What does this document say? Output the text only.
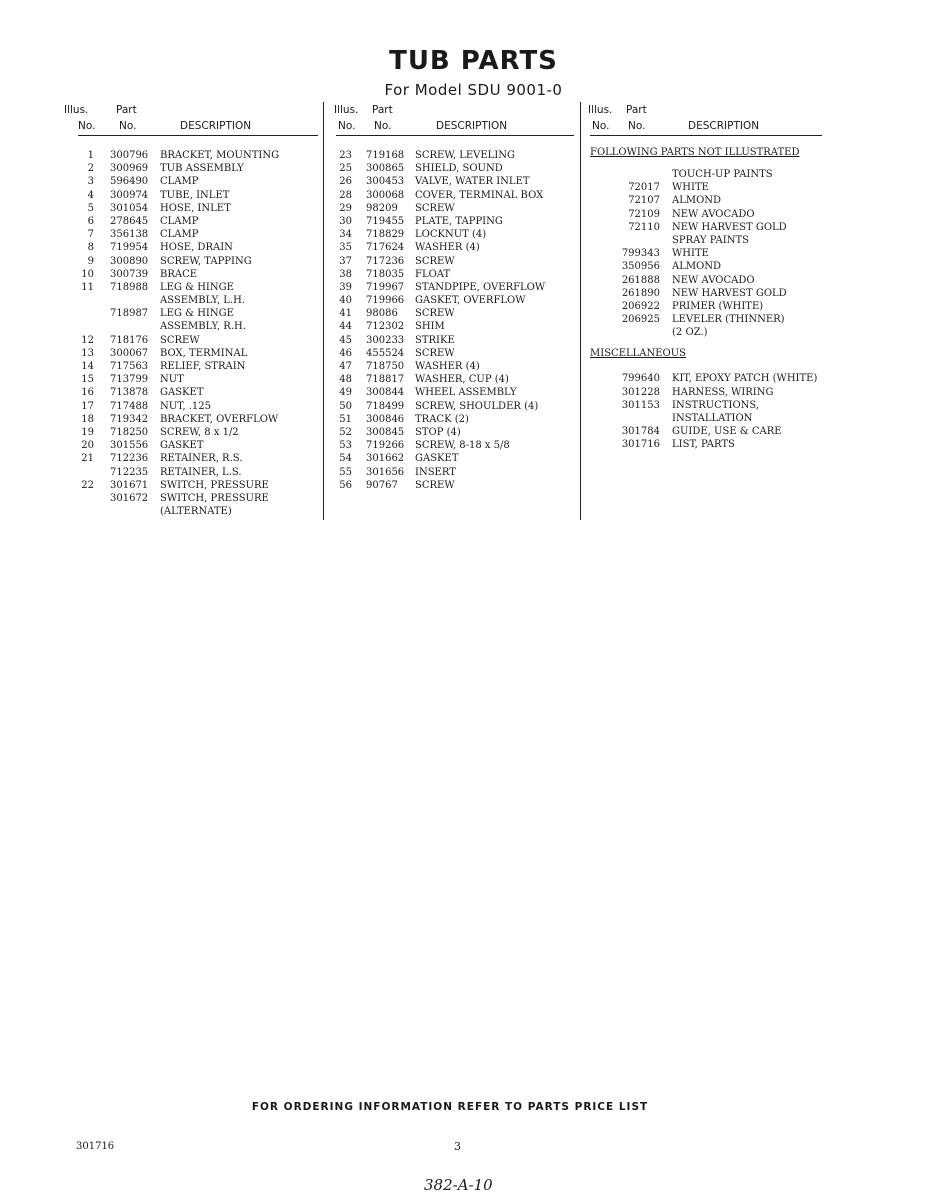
TUB PARTS
For Model SDU 9001-0
Illus.	Part
No. No.	DESCRIPTION
1 300796 BRACKET, MOUNTING
2 300969 TUB ASSEMBLY
3 596490 CLAMP
4 300974 TUBE, INLET
5 301054 HOSE, INLET
6 278645 CLAMP
7 356138 CLAMP
8 719954 HOSE, DRAIN
9 300890 SCREW, TAPPING
10 300739 BRACE
11 718988 LEG & HINGE
ASSEMBLY, L.H.
718987 LEG & HINGE
ASSEMBLY, R.H.
12 718176 SCREW
13 300067 BOX, TERMINAL
14 717563 RELIEF, STRAIN
15 713799 NUT
16 713878 GASKET
17 717488 NUT, .125
18 719342 BRACKET, OVERFLOW
19 718250 SCREW, 8 x 1/2
20 301556 GASKET
21 712236 RETAINER, R.S.
712235 RETAINER, L.S.
22 301671 SWITCH, PRESSURE
301672 SWITCH, PRESSURE
(ALTERNATE)
Illus. Part
No. No.	DESCRIPTION
23 719168 SCREW, LEVELING
25 300865 SHIELD, SOUND
26 300453 VALVE, WATER INLET
28 300068 COVER, TERMINAL BOX
29 98209 SCREW
30 719455 PLATE, TAPPING
34 718829 LOCKNUT (4)
35 717624 WASHER (4)
37 717236 SCREW
38 718035 FLOAT
39 719967 STANDPIPE, OVERFLOW
40 719966 GASKET, OVERFLOW
41 98086 SCREW
44 712302 SHIM
45 300233 STRIKE
46 455524 SCREW
47 718750 WASHER (4)
48 718817 WASHER, CUP (4)
49 300844 WHEEL ASSEMBLY
50 718499 SCREW, SHOULDER (4)
51 300846 TRACK (2)
52 300845 STOP (4)
53 719266 SCREW, 8-18 x 5/8
54 301662 GASKET
55 301656 INSERT
56 90767 SCREW
Illus. Part
No. No.	DESCRIPTION
FOLLOWING PARTS NOT ILLUSTRATED
TOUCH-UP PAINTS
72017 WHITE
72107 ALMOND
72109 NEW AVOCADO
72110 NEW HARVEST GOLD
SPRAY PAINTS
799343 WHITE
350956 ALMOND
261888 NEW AVOCADO
261890 NEW HARVEST GOLD
206922 PRIMER (WHITE)
206925 LEVELER (THINNER)
(2 OZ.)
MISCELLANEOUS
799640 KIT, EPOXY PATCH (WHITE)
301228 HARNESS, WIRING
301153 INSTRUCTIONS,
INSTALLATION
301784 GUIDE, USE & CARE
301716 LIST, PARTS
FOR ORDERING INFORMATION REFER TO PARTS PRICE LIST
301716	3
382-A-10
